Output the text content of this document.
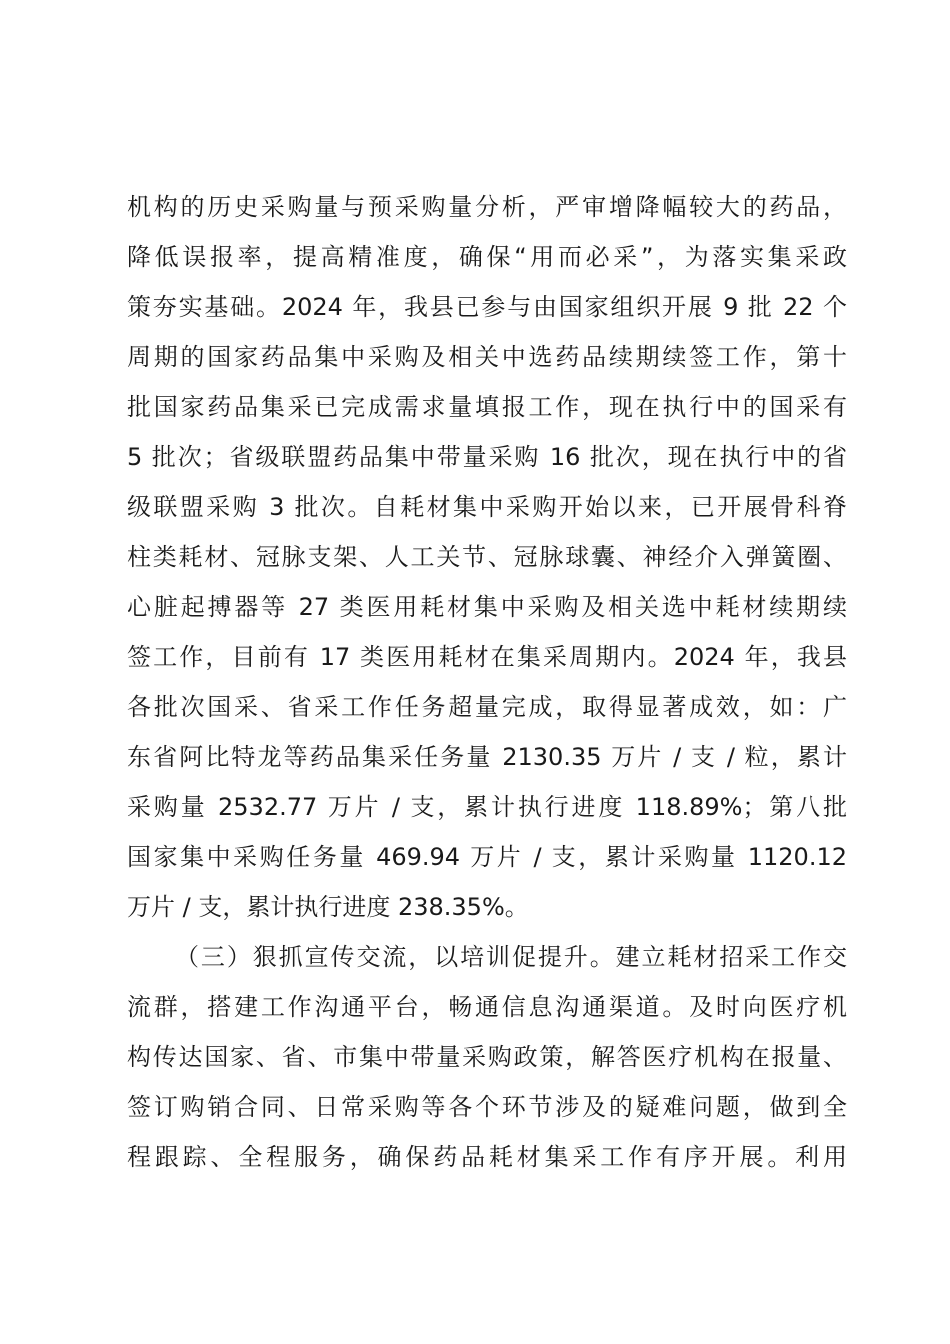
机构的历史采购量与预采购量分析，严审增降幅较大的药品，
降低误报率，提高精准度，确保“用而必采”，为落实集采政
策夯实基础。2024 年，我县已参与由国家组织开展 9 批 22 个
周期的国家药品集中采购及相关中选药品续期续签工作，第十
批国家药品集采已完成需求量填报工作，现在执行中的国采有
5 批次；省级联盟药品集中带量采购 16 批次，现在执行中的省
级联盟采购 3 批次。自耗材集中采购开始以来，已开展骨科脊
柱类耗材、冠脉支架、人工关节、冠脉球囊、神经介入弹簧圈、
心脏起搏器等 27 类医用耗材集中采购及相关选中耗材续期续
签工作，目前有 17 类医用耗材在集采周期内。2024 年，我县
各批次国采、省采工作任务超量完成，取得显著成效，如：广
东省阿比特龙等药品集采任务量 2130.35 万片 / 支 / 粒，累计
采购量 2532.77 万片 / 支，累计执行进度 118.89%；第八批
国家集中采购任务量 469.94 万片 / 支，累计采购量 1120.12
万片 / 支，累计执行进度 238.35%。
（三）狠抓宣传交流，以培训促提升。建立耗材招采工作交
流群，搭建工作沟通平台，畅通信息沟通渠道。及时向医疗机
构传达国家、省、市集中带量采购政策，解答医疗机构在报量、
签订购销合同、日常采购等各个环节涉及的疑难问题，做到全
程跟踪、全程服务，确保药品耗材集采工作有序开展。利用
